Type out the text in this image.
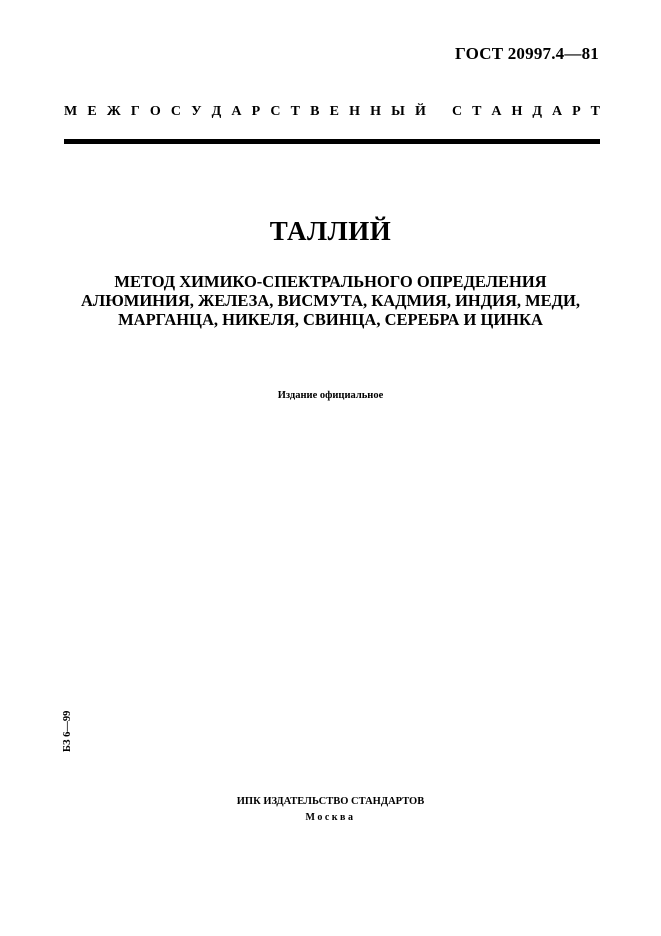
ГОСТ 20997.4—81
М Е Ж Г О С У Д А Р С Т В Е Н Н Ы Й С Т А Н Д А Р Т
ТАЛЛИЙ
МЕТОД ХИМИКО-СПЕКТРАЛЬНОГО ОПРЕДЕЛЕНИЯ
АЛЮМИНИЯ, ЖЕЛЕЗА, ВИСМУТА, КАДМИЯ, ИНДИЯ, МЕДИ,
МАРГАНЦА, НИКЕЛЯ, СВИНЦА, СЕРЕБРА И ЦИНКА
Издание официальное
БЗ 6—99
ИПК ИЗДАТЕЛЬСТВО СТАНДАРТОВ
Москва
